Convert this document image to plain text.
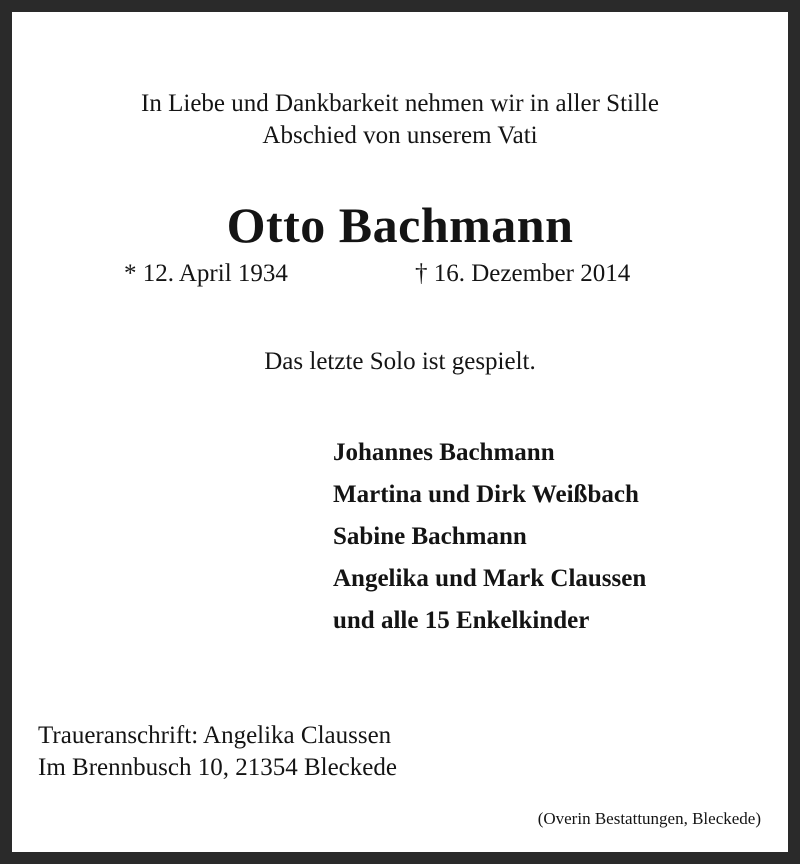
In Liebe und Dankbarkeit nehmen wir in aller Stille
Abschied von unserem Vati
Otto Bachmann
* 12. April 1934	† 16. Dezember 2014
Das letzte Solo ist gespielt.
Johannes Bachmann
Martina und Dirk Weißbach
Sabine Bachmann
Angelika und Mark Claussen
und alle 15 Enkelkinder
Traueranschrift: Angelika Claussen
Im Brennbusch 10, 21354 Bleckede
(Overin Bestattungen, Bleckede)
